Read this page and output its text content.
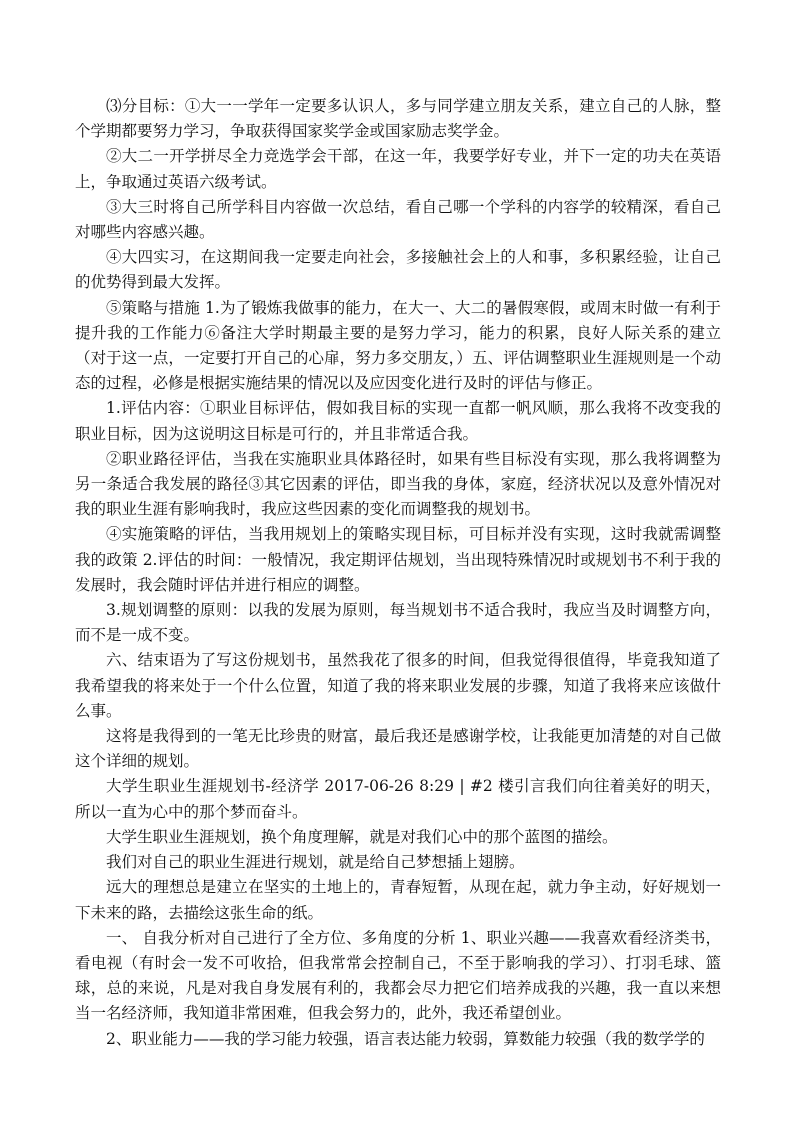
⑶分目标：①大一一学年一定要多认识人，多与同学建立朋友关系，建立自己的人脉，整个学期都要努力学习，争取获得国家奖学金或国家励志奖学金。

②大二一开学拼尽全力竞选学会干部，在这一年，我要学好专业，并下一定的功夫在英语上，争取通过英语六级考试。

③大三时将自己所学科目内容做一次总结，看自己哪一个学科的内容学的较精深，看自己对哪些内容感兴趣。

④大四实习，在这期间我一定要走向社会，多接触社会上的人和事，多积累经验，让自己的优势得到最大发挥。

⑤策略与措施 1.为了锻炼我做事的能力，在大一、大二的暑假寒假，或周末时做一有利于提升我的工作能力⑥备注大学时期最主要的是努力学习，能力的积累，良好人际关系的建立（对于这一点，一定要打开自己的心扉，努力多交朋友，）五、评估调整职业生涯规则是一个动态的过程，必修是根据实施结果的情况以及应因变化进行及时的评估与修正。

1.评估内容：①职业目标评估，假如我目标的实现一直都一帆风顺，那么我将不改变我的职业目标，因为这说明这目标是可行的，并且非常适合我。

②职业路径评估，当我在实施职业具体路径时，如果有些目标没有实现，那么我将调整为另一条适合我发展的路径③其它因素的评估，即当我的身体，家庭，经济状况以及意外情况对我的职业生涯有影响我时，我应这些因素的变化而调整我的规划书。

④实施策略的评估，当我用规划上的策略实现目标，可目标并没有实现，这时我就需调整我的政策 2.评估的时间：一般情况，我定期评估规划，当出现特殊情况时或规划书不利于我的发展时，我会随时评估并进行相应的调整。

3.规划调整的原则：以我的发展为原则，每当规划书不适合我时，我应当及时调整方向，而不是一成不变。

六、结束语为了写这份规划书，虽然我花了很多的时间，但我觉得很值得，毕竟我知道了我希望我的将来处于一个什么位置，知道了我的将来职业发展的步骤，知道了我将来应该做什么事。

这将是我得到的一笔无比珍贵的财富，最后我还是感谢学校，让我能更加清楚的对自己做这个详细的规划。

大学生职业生涯规划书-经济学 2017-06-26 8:29 | #2 楼引言我们向往着美好的明天，所以一直为心中的那个梦而奋斗。

大学生职业生涯规划，换个角度理解，就是对我们心中的那个蓝图的描绘。

我们对自己的职业生涯进行规划，就是给自己梦想插上翅膀。

远大的理想总是建立在坚实的土地上的，青春短暂，从现在起，就力争主动，好好规划一下未来的路，去描绘这张生命的纸。

一、 自我分析对自己进行了全方位、多角度的分析 1、职业兴趣——我喜欢看经济类书，看电视（有时会一发不可收拾，但我常常会控制自己，不至于影响我的学习）、打羽毛球、篮球，总的来说，凡是对我自身发展有利的，我都会尽力把它们培养成我的兴趣，我一直以来想当一名经济师，我知道非常困难，但我会努力的，此外，我还希望创业。

2、职业能力——我的学习能力较强，语言表达能力较弱，算数能力较强（我的数学学的
